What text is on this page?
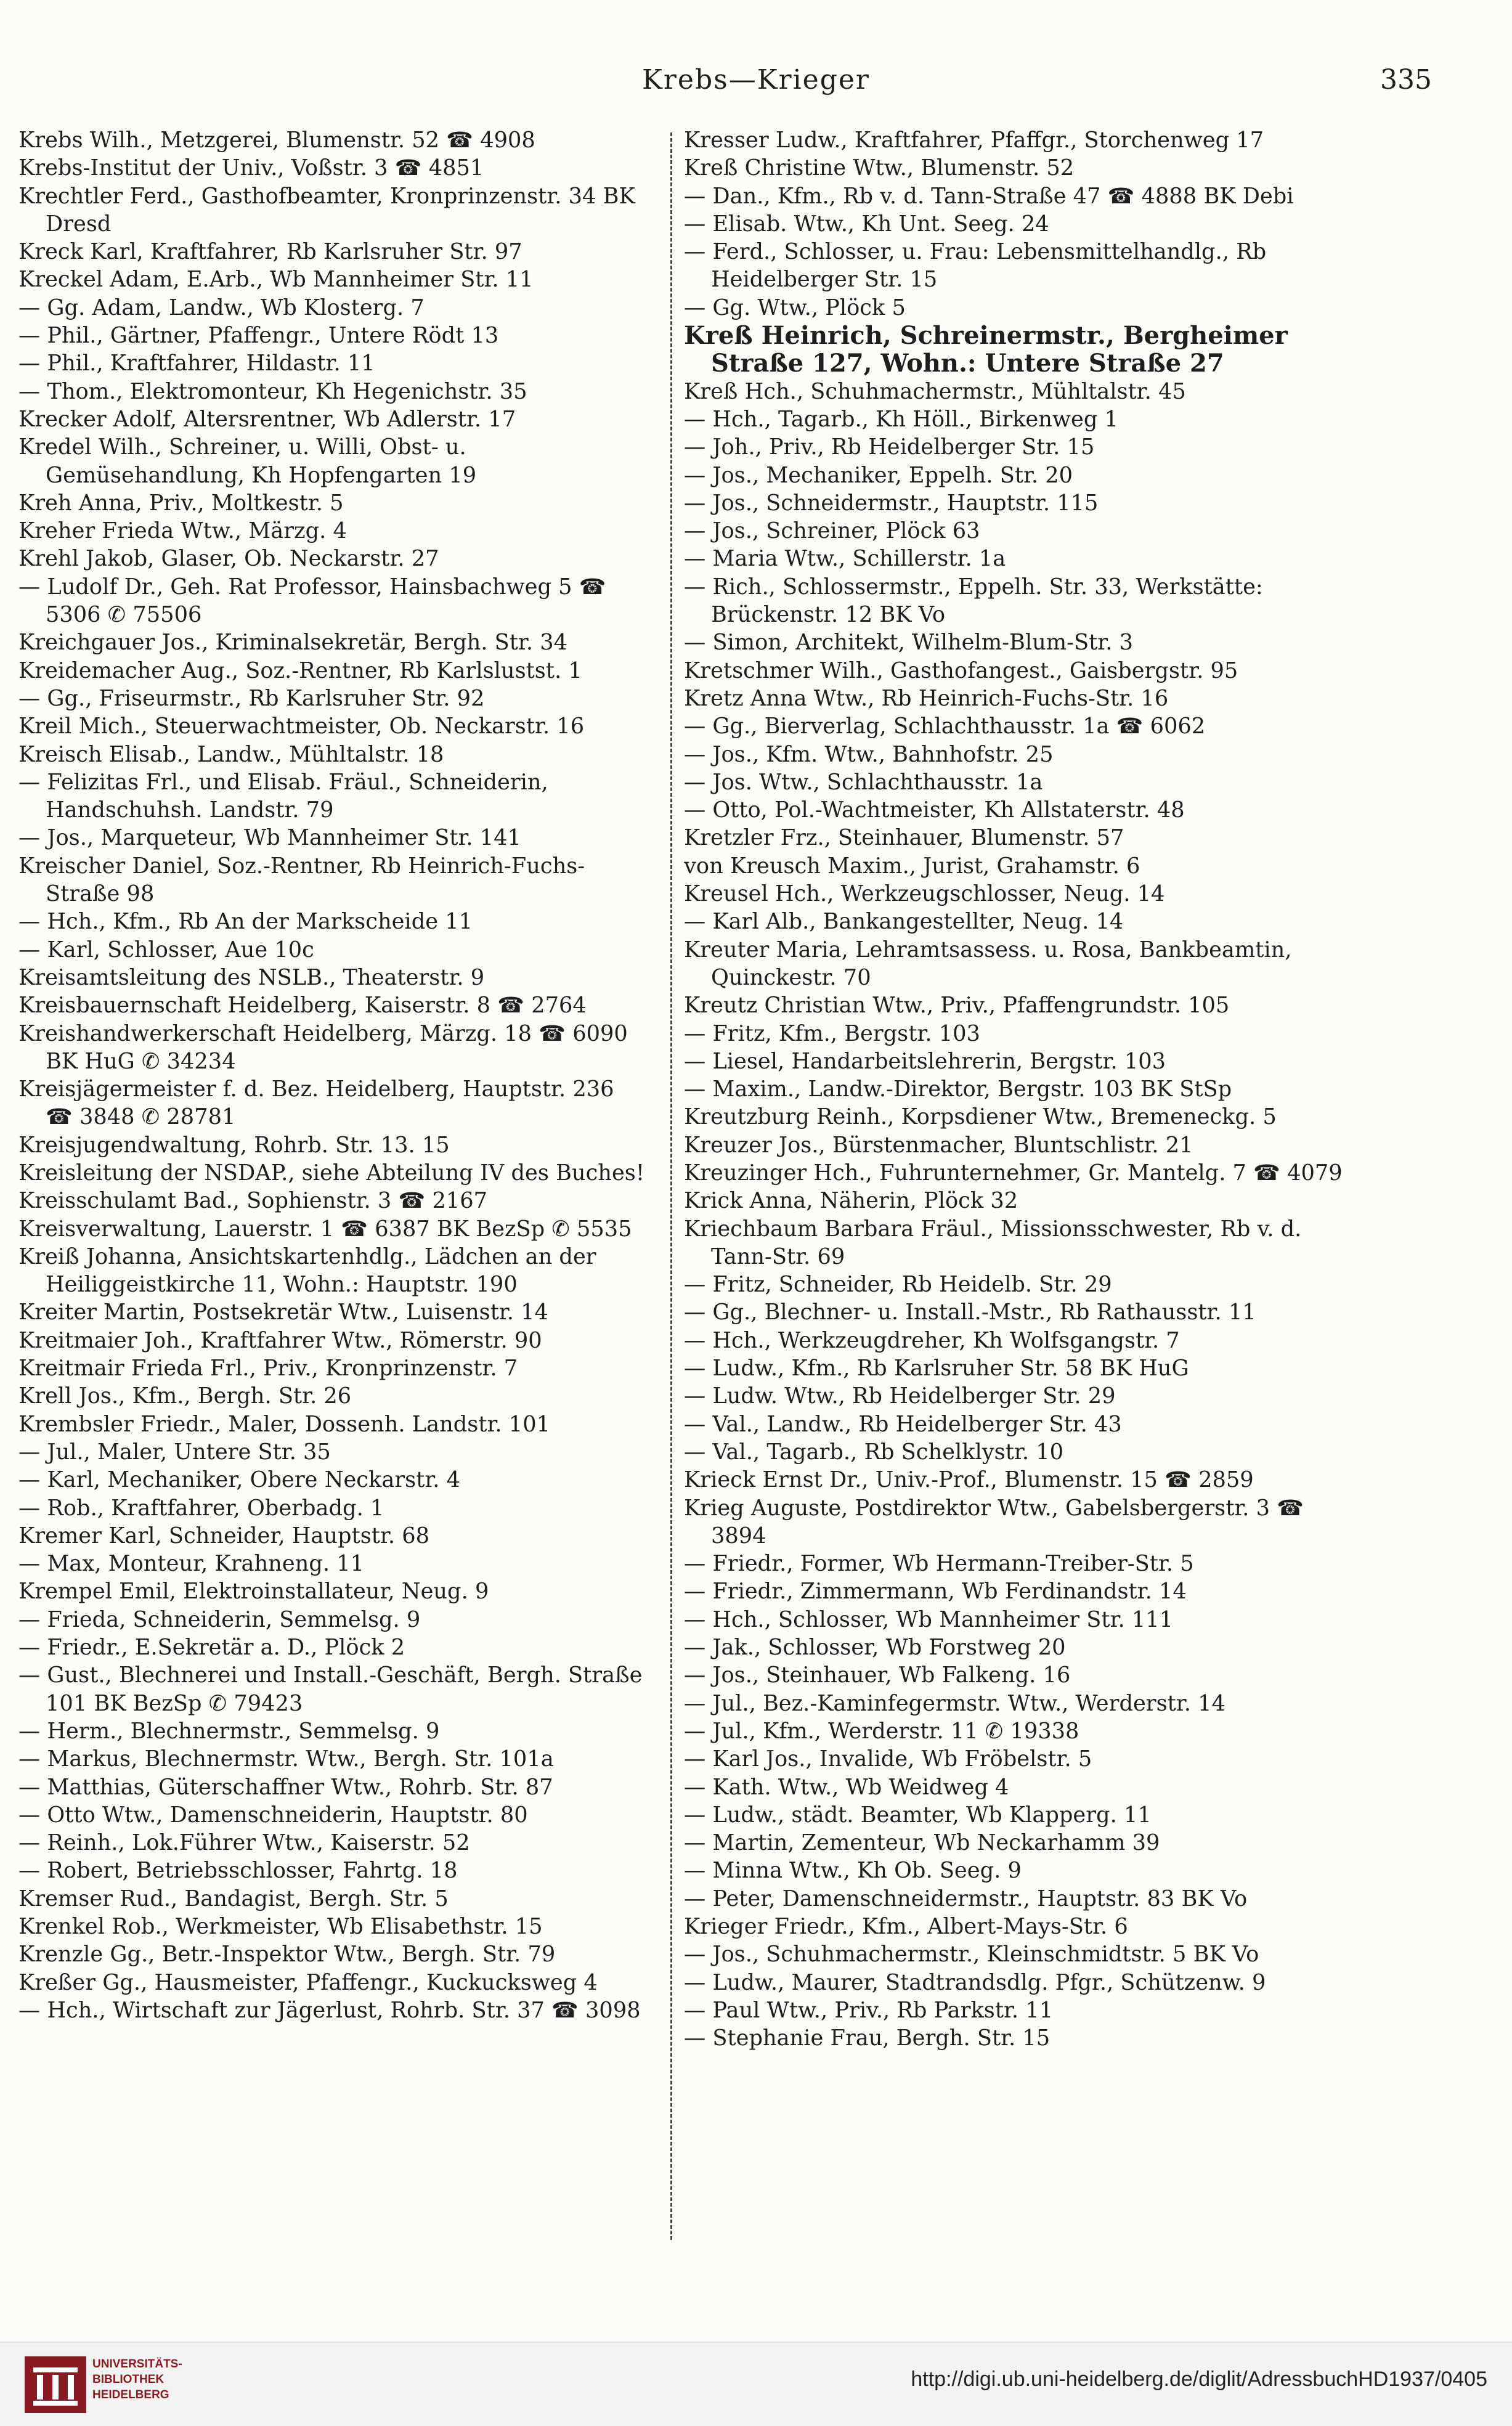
Krebs—Krieger	335

Krebs Wilh., Metzgerei, Blumenstr. 52 ☎ 4908

Krebs-Institut der Univ., Voßstr. 3 ☎ 4851

Krechtler Ferd., Gasthofbeamter, Kronprinzenstr. 34 BK Dresd

Kreck Karl, Kraftfahrer, Rb Karlsruher Str. 97

Kreckel Adam, E.Arb., Wb Mannheimer Str. 11

— Gg. Adam, Landw., Wb Klosterg. 7

— Phil., Gärtner, Pfaffengr., Untere Rödt 13

— Phil., Kraftfahrer, Hildastr. 11

— Thom., Elektromonteur, Kh Hegenichstr. 35

Krecker Adolf, Altersrentner, Wb Adlerstr. 17

Kredel Wilh., Schreiner, u. Willi, Obst- u. Gemüsehandlung, Kh Hopfengarten 19

Kreh Anna, Priv., Moltkestr. 5

Kreher Frieda Wtw., Märzg. 4

Krehl Jakob, Glaser, Ob. Neckarstr. 27

— Ludolf Dr., Geh. Rat Professor, Hainsbachweg 5 ☎ 5306 ✆ 75506

Kreichgauer Jos., Kriminalsekretär, Bergh. Str. 34

Kreidemacher Aug., Soz.-Rentner, Rb Karlslustst. 1

— Gg., Friseurmstr., Rb Karlsruher Str. 92

Kreil Mich., Steuerwachtmeister, Ob. Neckarstr. 16

Kreisch Elisab., Landw., Mühltalstr. 18

— Felizitas Frl., und Elisab. Fräul., Schneiderin, Handschuhsh. Landstr. 79

— Jos., Marqueteur, Wb Mannheimer Str. 141

Kreischer Daniel, Soz.-Rentner, Rb Heinrich-Fuchs-Straße 98

— Hch., Kfm., Rb An der Markscheide 11

— Karl, Schlosser, Aue 10c

Kreisamtsleitung des NSLB., Theaterstr. 9

Kreisbauernschaft Heidelberg, Kaiserstr. 8 ☎ 2764

Kreishandwerkerschaft Heidelberg, Märzg. 18 ☎ 6090 BK HuG ✆ 34234

Kreisjägermeister f. d. Bez. Heidelberg, Hauptstr. 236 ☎ 3848 ✆ 28781

Kreisjugendwaltung, Rohrb. Str. 13. 15

Kreisleitung der NSDAP., siehe Abteilung IV des Buches!

Kreisschulamt Bad., Sophienstr. 3 ☎ 2167

Kreisverwaltung, Lauerstr. 1 ☎ 6387 BK BezSp ✆ 5535

Kreiß Johanna, Ansichtskartenhdlg., Lädchen an der Heiliggeistkirche 11, Wohn.: Hauptstr. 190

Kreiter Martin, Postsekretär Wtw., Luisenstr. 14

Kreitmaier Joh., Kraftfahrer Wtw., Römerstr. 90

Kreitmair Frieda Frl., Priv., Kronprinzenstr. 7

Krell Jos., Kfm., Bergh. Str. 26

Krembsler Friedr., Maler, Dossenh. Landstr. 101

— Jul., Maler, Untere Str. 35

— Karl, Mechaniker, Obere Neckarstr. 4

— Rob., Kraftfahrer, Oberbadg. 1

Kremer Karl, Schneider, Hauptstr. 68

— Max, Monteur, Krahneng. 11

Krempel Emil, Elektroinstallateur, Neug. 9

— Frieda, Schneiderin, Semmelsg. 9

— Friedr., E.Sekretär a. D., Plöck 2

— Gust., Blechnerei und Install.-Geschäft, Bergh. Straße 101 BK BezSp ✆ 79423

— Herm., Blechnermstr., Semmelsg. 9

— Markus, Blechnermstr. Wtw., Bergh. Str. 101a

— Matthias, Güterschaffner Wtw., Rohrb. Str. 87

— Otto Wtw., Damenschneiderin, Hauptstr. 80

— Reinh., Lok.Führer Wtw., Kaiserstr. 52

— Robert, Betriebsschlosser, Fahrtg. 18

Kremser Rud., Bandagist, Bergh. Str. 5

Krenkel Rob., Werkmeister, Wb Elisabethstr. 15

Krenzle Gg., Betr.-Inspektor Wtw., Bergh. Str. 79

Kreßer Gg., Hausmeister, Pfaffengr., Kuckucksweg 4

— Hch., Wirtschaft zur Jägerlust, Rohrb. Str. 37 ☎ 3098

Kresser Ludw., Kraftfahrer, Pfaffgr., Storchenweg 17

Kreß Christine Wtw., Blumenstr. 52

— Dan., Kfm., Rb v. d. Tann-Straße 47 ☎ 4888 BK Debi

— Elisab. Wtw., Kh Unt. Seeg. 24

— Ferd., Schlosser, u. Frau: Lebensmittelhandlg., Rb Heidelberger Str. 15

— Gg. Wtw., Plöck 5

Kreß Heinrich, Schreinermstr., Bergheimer Straße 127, Wohn.: Untere Straße 27

Kreß Hch., Schuhmachermstr., Mühltalstr. 45

— Hch., Tagarb., Kh Höll., Birkenweg 1

— Joh., Priv., Rb Heidelberger Str. 15

— Jos., Mechaniker, Eppelh. Str. 20

— Jos., Schneidermstr., Hauptstr. 115

— Jos., Schreiner, Plöck 63

— Maria Wtw., Schillerstr. 1a

— Rich., Schlossermstr., Eppelh. Str. 33, Werkstätte: Brückenstr. 12 BK Vo

— Simon, Architekt, Wilhelm-Blum-Str. 3

Kretschmer Wilh., Gasthofangest., Gaisbergstr. 95

Kretz Anna Wtw., Rb Heinrich-Fuchs-Str. 16

— Gg., Bierverlag, Schlachthausstr. 1a ☎ 6062

— Jos., Kfm. Wtw., Bahnhofstr. 25

— Jos. Wtw., Schlachthausstr. 1a

— Otto, Pol.-Wachtmeister, Kh Allstaterstr. 48

Kretzler Frz., Steinhauer, Blumenstr. 57

von Kreusch Maxim., Jurist, Grahamstr. 6

Kreusel Hch., Werkzeugschlosser, Neug. 14

— Karl Alb., Bankangestellter, Neug. 14

Kreuter Maria, Lehramtsassess. u. Rosa, Bankbeamtin, Quinckestr. 70

Kreutz Christian Wtw., Priv., Pfaffengrundstr. 105

— Fritz, Kfm., Bergstr. 103

— Liesel, Handarbeitslehrerin, Bergstr. 103

— Maxim., Landw.-Direktor, Bergstr. 103 BK StSp

Kreutzburg Reinh., Korpsdiener Wtw., Bremeneckg. 5

Kreuzer Jos., Bürstenmacher, Bluntschlistr. 21

Kreuzinger Hch., Fuhrunternehmer, Gr. Mantelg. 7 ☎ 4079

Krick Anna, Näherin, Plöck 32

Kriechbaum Barbara Fräul., Missionsschwester, Rb v. d. Tann-Str. 69

— Fritz, Schneider, Rb Heidelb. Str. 29

— Gg., Blechner- u. Install.-Mstr., Rb Rathausstr. 11

— Hch., Werkzeugdreher, Kh Wolfsgangstr. 7

— Ludw., Kfm., Rb Karlsruher Str. 58 BK HuG

— Ludw. Wtw., Rb Heidelberger Str. 29

— Val., Landw., Rb Heidelberger Str. 43

— Val., Tagarb., Rb Schelklystr. 10

Krieck Ernst Dr., Univ.-Prof., Blumenstr. 15 ☎ 2859

Krieg Auguste, Postdirektor Wtw., Gabelsbergerstr. 3 ☎ 3894

— Friedr., Former, Wb Hermann-Treiber-Str. 5

— Friedr., Zimmermann, Wb Ferdinandstr. 14

— Hch., Schlosser, Wb Mannheimer Str. 111

— Jak., Schlosser, Wb Forstweg 20

— Jos., Steinhauer, Wb Falkeng. 16

— Jul., Bez.-Kaminfegermstr. Wtw., Werderstr. 14

— Jul., Kfm., Werderstr. 11 ✆ 19338

— Karl Jos., Invalide, Wb Fröbelstr. 5

— Kath. Wtw., Wb Weidweg 4

— Ludw., städt. Beamter, Wb Klapperg. 11

— Martin, Zementeur, Wb Neckarhamm 39

— Minna Wtw., Kh Ob. Seeg. 9

— Peter, Damenschneidermstr., Hauptstr. 83 BK Vo

Krieger Friedr., Kfm., Albert-Mays-Str. 6

— Jos., Schuhmachermstr., Kleinschmidtstr. 5 BK Vo

— Ludw., Maurer, Stadtrandsdlg. Pfgr., Schützenw. 9

— Paul Wtw., Priv., Rb Parkstr. 11

— Stephanie Frau, Bergh. Str. 15

UNIVERSITÄTS-
BIBLIOTHEK
HEIDELBERG
http://digi.ub.uni-heidelberg.de/diglit/AdressbuchHD1937/0405
